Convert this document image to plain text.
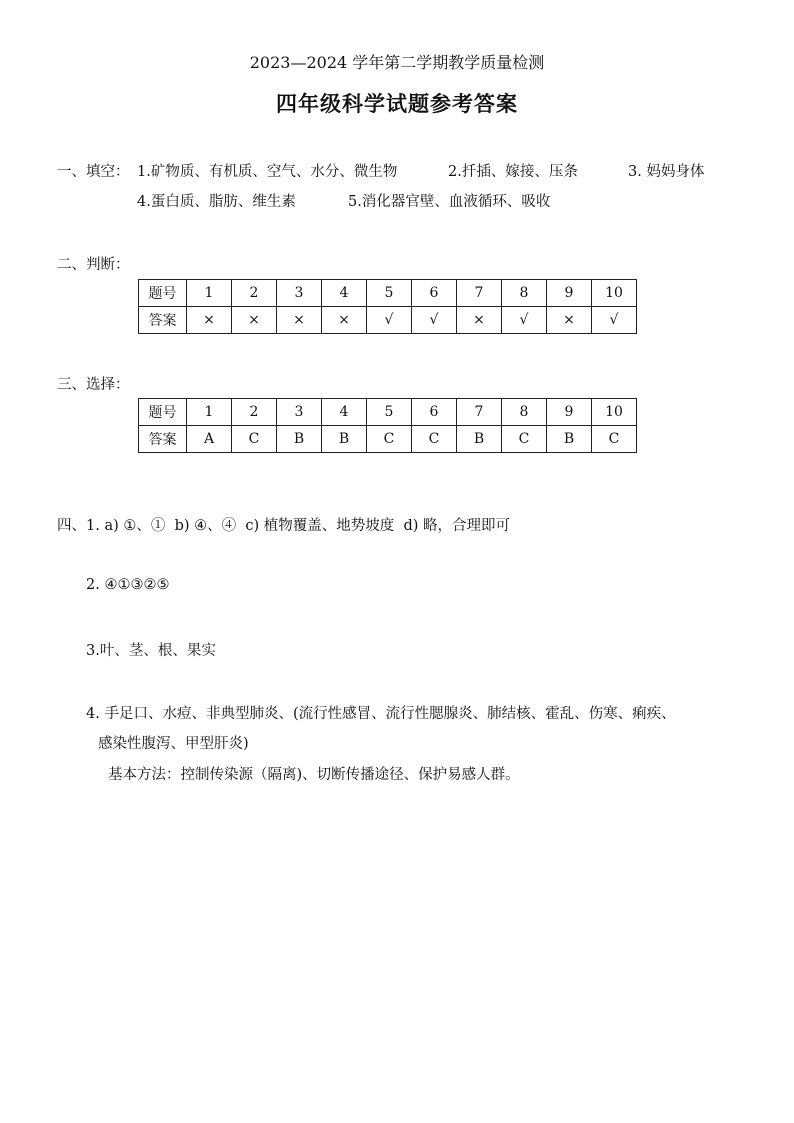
2023—2024 学年第二学期教学质量检测
四年级科学试题参考答案
一、填空： 1.矿物质、有机质、空气、水分、微生物	2.扦插、嫁接、压条	3. 妈妈身体
4.蛋白质、脂肪、维生素	5.消化器官壁、血液循环、吸收
二、判断：
题号	1	2	3	4	5	6	7	8	9	10
答案	×	×	×	×	√	√	×	√	×	√
三、选择：
题号	1	2	3	4	5	6	7	8	9	10
答案	A	C	B	B	C	C	B	C	B	C
四、1. a) ①、①  b) ④、④  c) 植物覆盖、地势坡度  d) 略，合理即可
2. ④①③②⑤
3.叶、茎、根、果实
4. 手足口、水痘、非典型肺炎、(流行性感冒、流行性腮腺炎、肺结核、霍乱、伤寒、痢疾、
感染性腹泻、甲型肝炎)
基本方法：控制传染源（隔离)、切断传播途径、保护易感人群。
